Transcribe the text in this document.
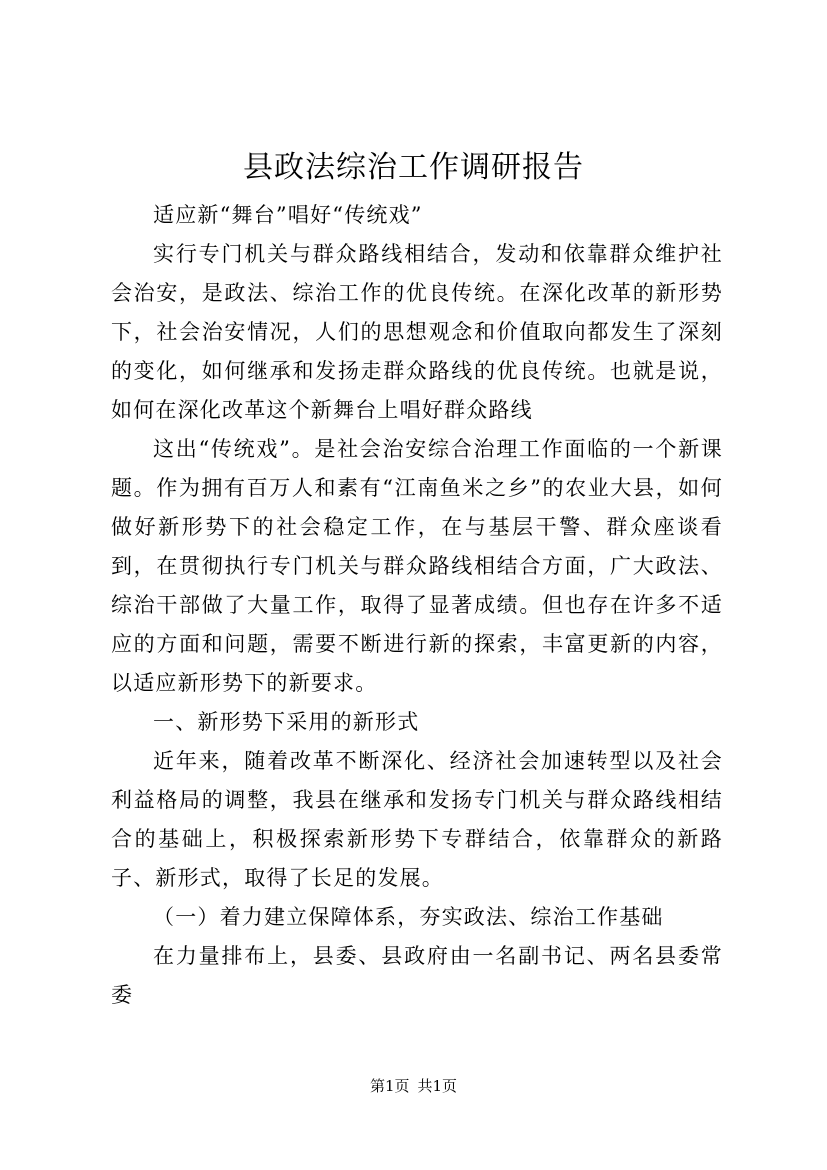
县政法综治工作调研报告

适应新“舞台”唱好“传统戏”

实行专门机关与群众路线相结合，发动和依靠群众维护社会治安，是政法、综治工作的优良传统。在深化改革的新形势下，社会治安情况，人们的思想观念和价值取向都发生了深刻的变化，如何继承和发扬走群众路线的优良传统。也就是说，如何在深化改革这个新舞台上唱好群众路线

这出“传统戏”。是社会治安综合治理工作面临的一个新课题。作为拥有百万人和素有“江南鱼米之乡”的农业大县，如何做好新形势下的社会稳定工作，在与基层干警、群众座谈看到，在贯彻执行专门机关与群众路线相结合方面，广大政法、综治干部做了大量工作，取得了显著成绩。但也存在许多不适应的方面和问题，需要不断进行新的探索，丰富更新的内容，以适应新形势下的新要求。

一、新形势下采用的新形式

近年来，随着改革不断深化、经济社会加速转型以及社会利益格局的调整，我县在继承和发扬专门机关与群众路线相结合的基础上，积极探索新形势下专群结合，依靠群众的新路子、新形式，取得了长足的发展。

（一）着力建立保障体系，夯实政法、综治工作基础

在力量排布上，县委、县政府由一名副书记、两名县委常委

第1页 共1页
